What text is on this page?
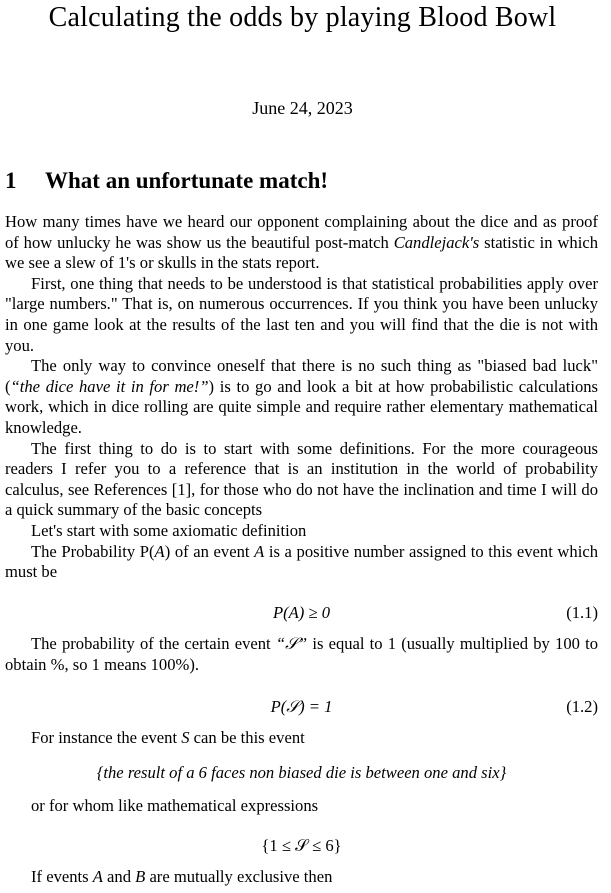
Calculating the odds by playing Blood Bowl
June 24, 2023
1 What an unfortunate match!

How many times have we heard our opponent complaining about the dice and as proof of how unlucky he was show us the beautiful post-match Candlejack's statistic in which we see a slew of 1's or skulls in the stats report.

First, one thing that needs to be understood is that statistical probabilities apply over "large numbers." That is, on numerous occurrences. If you think you have been unlucky in one game look at the results of the last ten and you will find that the die is not with you.

The only way to convince oneself that there is no such thing as "biased bad luck" (“the dice have it in for me!”) is to go and look a bit at how probabilistic calculations work, which in dice rolling are quite simple and require rather elementary mathematical knowledge.

The first thing to do is to start with some definitions. For the more courageous readers I refer you to a reference that is an institution in the world of probability calculus, see References [1], for those who do not have the inclination and time I will do a quick summary of the basic concepts

Let's start with some axiomatic definition

The Probability P(A) of an event A is a positive number assigned to this event which must be

P(A) ≥ 0	(1.1)

The probability of the certain event “𝒮” is equal to 1 (usually multiplied by 100 to obtain %, so 1 means 100%).

P(𝒮) = 1	(1.2)
For instance the event S can be this event
{the result of a 6 faces non biased die is between one and six}
or for whom like mathematical expressions
{1 ≤ 𝒮 ≤ 6}
If events A and B are mutually exclusive then
